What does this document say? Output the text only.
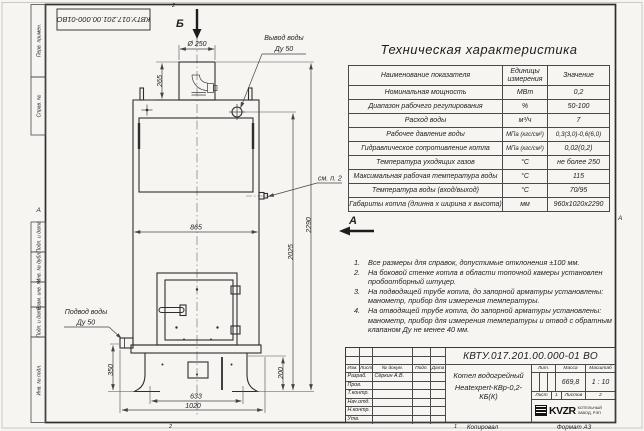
Перв. примен.
Справ. №
Подп. и дата
Инв. № дубл.
Взам. инв. №
Подп. и дата
Инв. № подл.
2
2	1
А
А
КВТУ.017.201.00.000-01ВО
Ø 250
265
865
2025
2290
350	200
633
1020
Вывод воды
Ду 50
Подвод воды
Ду 50
см. п. 2
Б
А
Техническая характеристика
Наименование показателя	Единицы измерения	Значение
Номинальная мощность	МВт	0,2
Диапазон рабочего регулирования	%	50-100
Расход воды	м³/ч	7
Рабочее давление воды	МПа (кгс/см²)	0,3(3,0)-0,6(6,0)
Гидравлическое сопротивление котла	МПа (кгс/см²)	0,02(0,2)
Температура уходящих газов	°С	не более 250
Максимальная рабочая температура воды	°С	115
Температура воды (вход/выход)	°С	70/95
Габариты котла (длинна х ширина х высота)	мм	960х1020х2290
1.	Все размеры для справок, допустимые отклонения ±100 мм.
2.	На боковой стенке котла в области топочной камеры установлен пробоотборный штуцер.
3.	На подводящей трубе котла, до запорной арматуры установлены: манометр, прибор для измерения температуры.
4.	На отводящей трубе котла, до запорной арматуры установлены: манометр, прибор для измерения температуры и отвод с обратным клапаном Ду не менее 40 мм.
КВТУ.017.201.00.000-01 ВО
Изм. Лист	№ докум.	Подп. Дата
Разраб.	Сёркин А.В.
Пров.
Т.контр.
Нач.отд.
Н.контр.
Утв.
Котел водогрейный
Heatexpert-КВр-0,2-КБ(К)
Лит.	Масса	Масштаб
669,8	1 : 10
Лист	1	Листов	2
KVZR КОТЕЛЬНЫЙ
ЗАВОД, РЭП
Копировал	Формат А3
